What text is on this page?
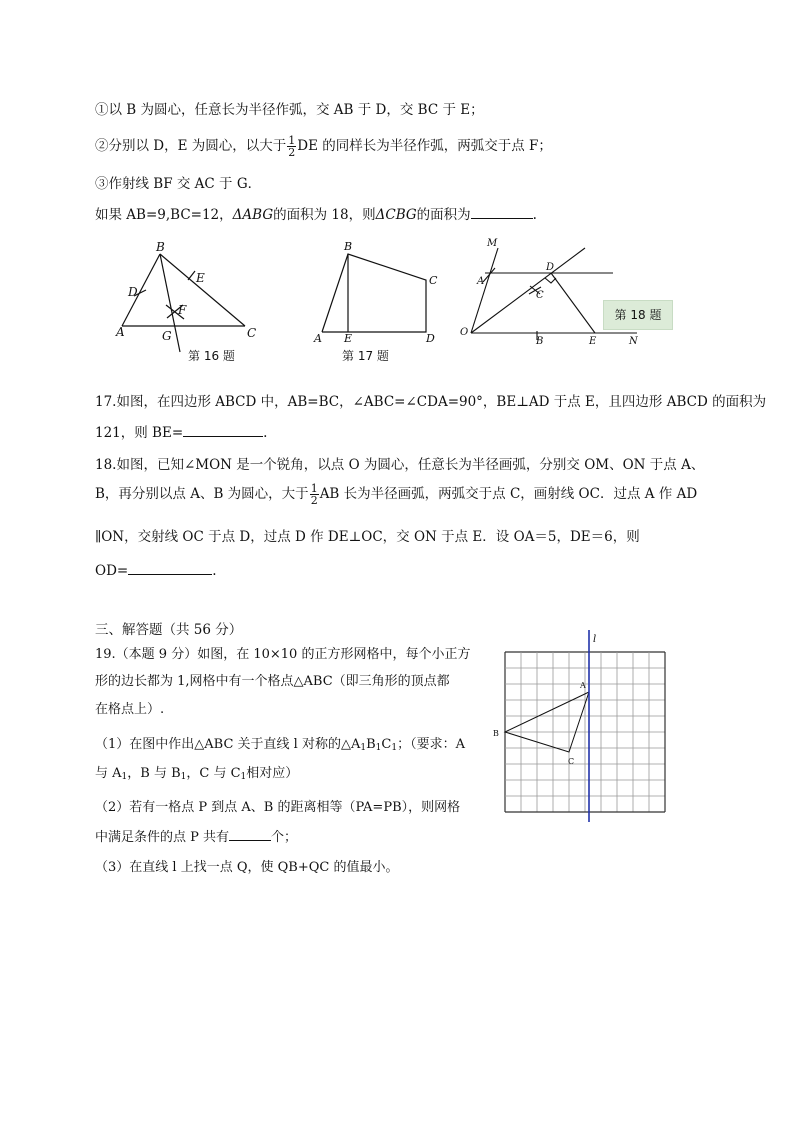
①以 B 为圆心，任意长为半径作弧，交 AB 于 D，交 BC 于 E；
②分别以 D，E 为圆心，以大于 $\frac{1}{2}$ DE 的同样长为半径作弧，两弧交于点 F；
③作射线 BF 交 AC 于 G．
如果 AB=9,BC=12，ΔABG的面积为 18，则ΔCBG的面积为	.
A
B
C
D
E
F
G
第 16 题
A
B
C
D
E
第 17 题
M
A
D
C
O
B	E	N
第 18 题
17.如图，在四边形 ABCD 中，AB=BC，∠ABC=∠CDA=90°，BE⊥AD 于点 E，且四边形 ABCD 的面积为
121，则 BE=	.
18.如图，已知∠MON 是一个锐角，以点 O 为圆心，任意长为半径画弧，分别交 OM、ON 于点 A、
B，再分别以点 A、B 为圆心，大于 $\frac{1}{2}$ AB 长为半径画弧，两弧交于点 C，画射线 OC．过点 A 作 AD
∥ON，交射线 OC 于点 D，过点 D 作 DE⊥OC，交 ON 于点 E．设 OA＝5，DE＝6，则
OD=	.
三、解答题（共 56 分）
19.（本题 9 分）如图，在 10×10 的正方形网格中，每个小正方
形的边长都为 1,网格中有一个格点△ABC（即三角形的顶点都
在格点上）.
（1）在图中作出△ABC 关于直线 l 对称的$\triangle A_1B_1C_1$；（要求：A
与 $A_1$，B 与 $B_1$，C 与 $C_1$相对应）
（2）若有一格点 P 到点 A、B 的距离相等（PA=PB），则网格
中满足条件的点 P 共有	个；
（3）在直线 l 上找一点 Q，使 QB+QC 的值最小。
l
A
B
C
